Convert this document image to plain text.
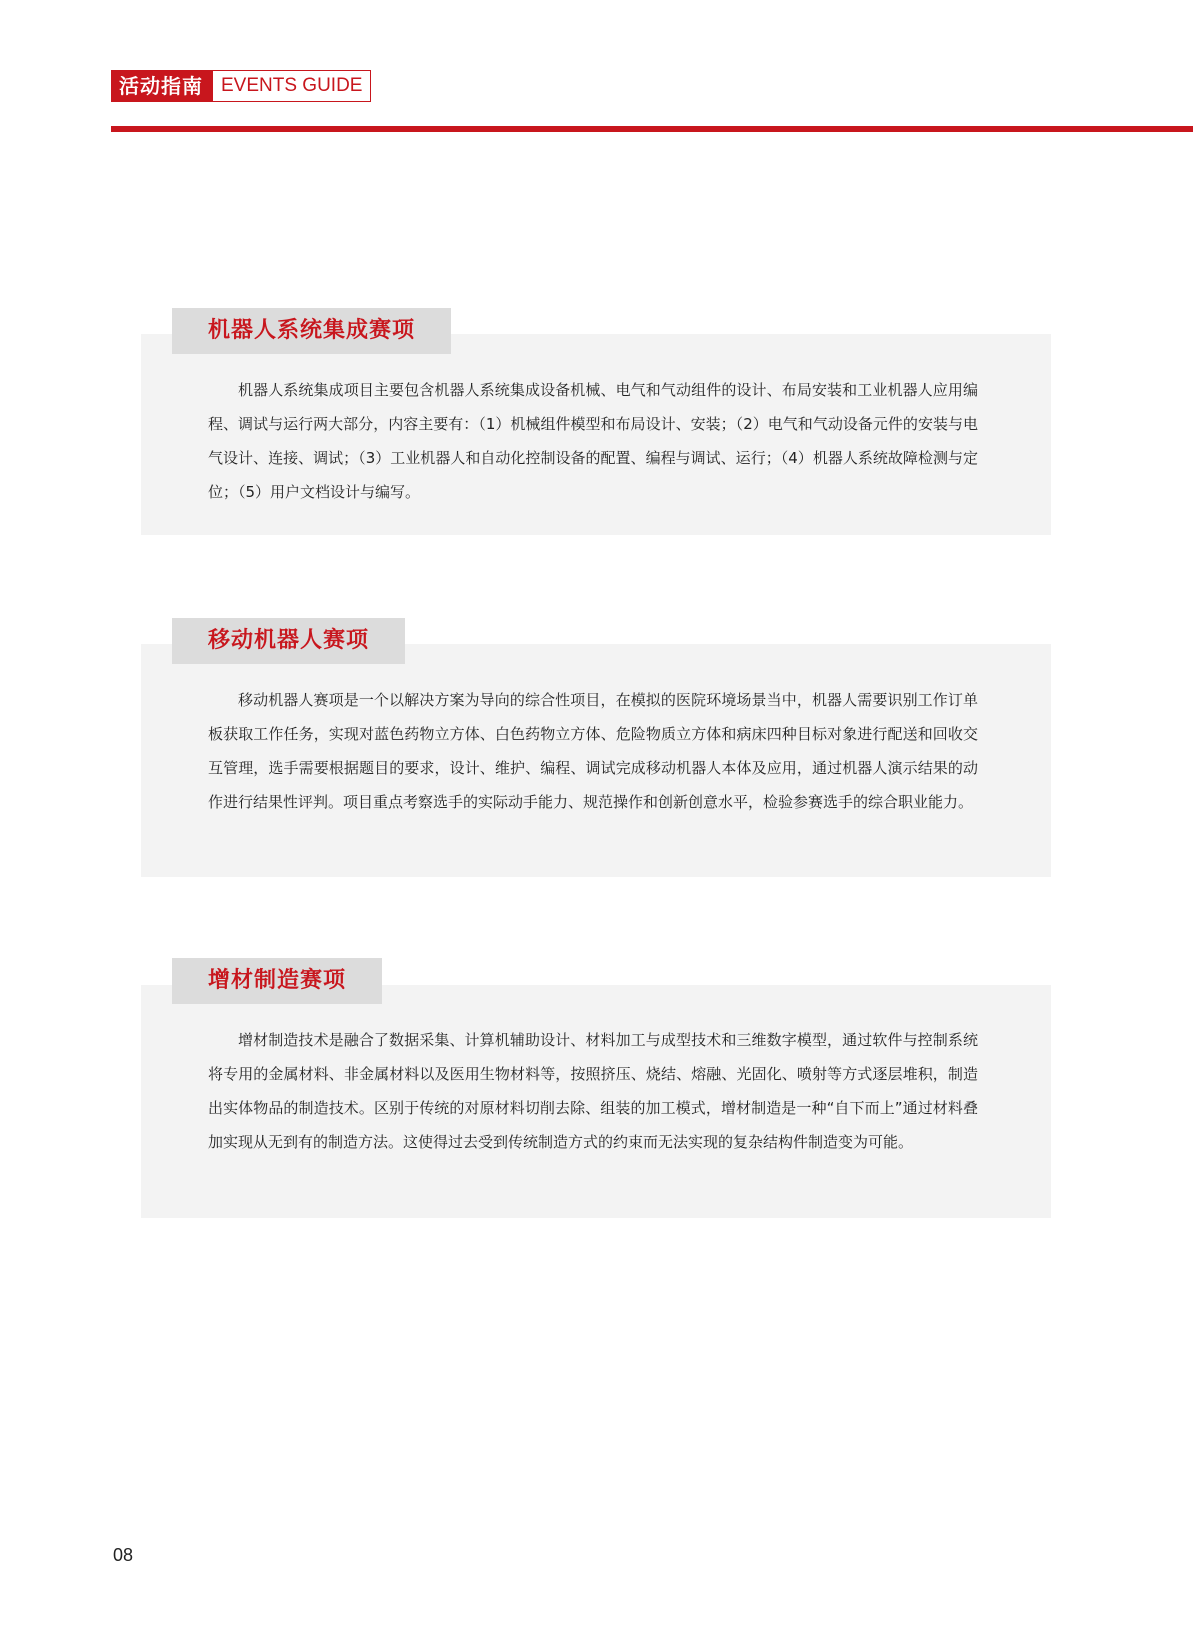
活动指南 EVENTS GUIDE
机器人系统集成赛项
机器人系统集成项目主要包含机器人系统集成设备机械、电气和气动组件的设计、布局安装和工业机器人应用编程、调试与运行两大部分，内容主要有：（1）机械组件模型和布局设计、安装；（2）电气和气动设备元件的安装与电气设计、连接、调试；（3）工业机器人和自动化控制设备的配置、编程与调试、运行；（4）机器人系统故障检测与定位；（5）用户文档设计与编写。
移动机器人赛项
移动机器人赛项是一个以解决方案为导向的综合性项目，在模拟的医院环境场景当中，机器人需要识别工作订单板获取工作任务，实现对蓝色药物立方体、白色药物立方体、危险物质立方体和病床四种目标对象进行配送和回收交互管理，选手需要根据题目的要求，设计、维护、编程、调试完成移动机器人本体及应用，通过机器人演示结果的动作进行结果性评判。项目重点考察选手的实际动手能力、规范操作和创新创意水平，检验参赛选手的综合职业能力。
增材制造赛项
增材制造技术是融合了数据采集、计算机辅助设计、材料加工与成型技术和三维数字模型，通过软件与控制系统将专用的金属材料、非金属材料以及医用生物材料等，按照挤压、烧结、熔融、光固化、喷射等方式逐层堆积，制造出实体物品的制造技术。区别于传统的对原材料切削去除、组装的加工模式，增材制造是一种“自下而上”通过材料叠加实现从无到有的制造方法。这使得过去受到传统制造方式的约束而无法实现的复杂结构件制造变为可能。
08
